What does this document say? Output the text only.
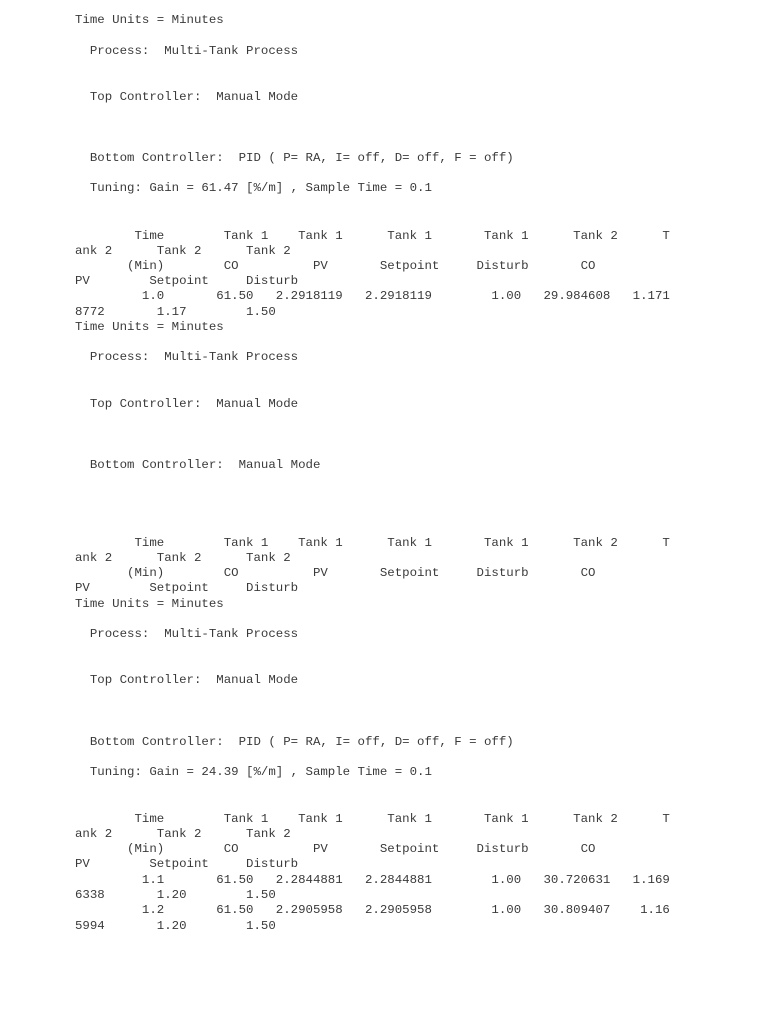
Time Units = Minutes
Process:  Multi-Tank Process
Top Controller:  Manual Mode
Bottom Controller:  PID ( P= RA, I= off, D= off, F = off)
Tuning: Gain = 61.47 [%/m] , Sample Time = 0.1
Time        Tank 1    Tank 1      Tank 1       Tank 1      Tank 2      T
ank 2      Tank 2      Tank 2
(Min)        CO          PV       Setpoint     Disturb       CO
PV        Setpoint     Disturb
1.0       61.50   2.2918119   2.2918119        1.00   29.984608   1.171
8772       1.17        1.50
Time Units = Minutes
Process:  Multi-Tank Process
Top Controller:  Manual Mode
Bottom Controller:  Manual Mode
Time        Tank 1    Tank 1      Tank 1       Tank 1      Tank 2      T
ank 2      Tank 2      Tank 2
(Min)        CO          PV       Setpoint     Disturb       CO
PV        Setpoint     Disturb
Time Units = Minutes
Process:  Multi-Tank Process
Top Controller:  Manual Mode
Bottom Controller:  PID ( P= RA, I= off, D= off, F = off)
Tuning: Gain = 24.39 [%/m] , Sample Time = 0.1
Time        Tank 1    Tank 1      Tank 1       Tank 1      Tank 2      T
ank 2      Tank 2      Tank 2
(Min)        CO          PV       Setpoint     Disturb       CO
PV        Setpoint     Disturb
1.1       61.50   2.2844881   2.2844881        1.00   30.720631   1.169
6338       1.20        1.50
1.2       61.50   2.2905958   2.2905958        1.00   30.809407    1.16
5994       1.20        1.50
